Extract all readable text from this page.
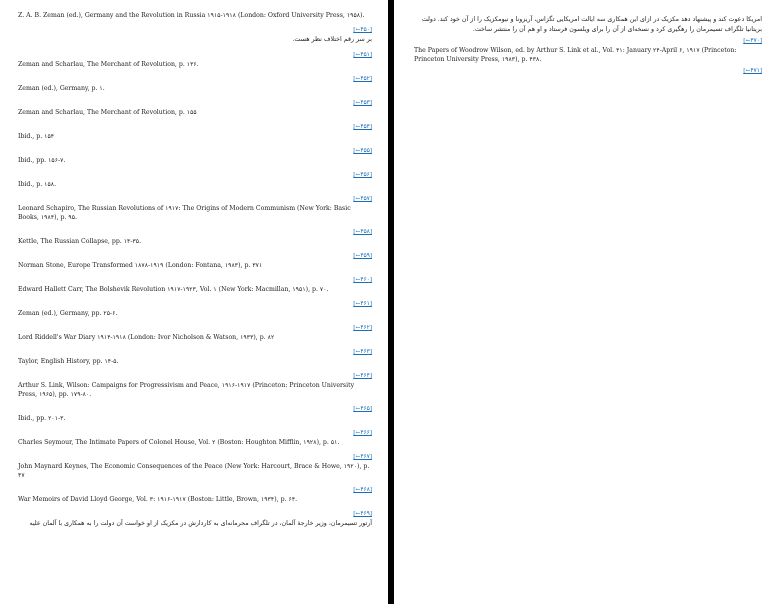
Z. A. B. Zeman (ed.), Germany and the Revolution in Russia ۱۹۱۵-۱۹۱۸ (London: Oxford University Press, ۱۹۵۸).
[←۴۵۰]
بر سر رقم اختلاف نظر هست.
[←۴۵۱]
Zeman and Scharlau, The Merchant of Revolution, p. ۱۳۶.
[←۴۵۲]
Zeman (ed.), Germany, p. ۱.
[←۴۵۳]
Zeman and Scharlau, The Merchant of Revolution, p. ۱۵۵
[←۴۵۴]
Ibid., p. ۱۵۴
[←۴۵۵]
Ibid., pp. ۱۵۶-۷.
[←۴۵۶]
Ibid., p. ۱۵۸.
[←۴۵۷]
Leonard Schapiro, The Russian Revolutions of ۱۹۱۷: The Origins of Modern Communism (New York: Basic Books, ۱۹۸۴), p. ۹۵.
[←۴۵۸]
Kettle, The Russian Collapse, pp. ۱۳-۳۵.
[←۴۵۹]
Norman Stone, Europe Transformed ۱۸۷۸-۱۹۱۹ (London: Fontana, ۱۹۸۳), p. ۳۷۱
[←۴۶۰]
Edward Hallett Carr, The Bolshevik Revolution ۱۹۱۷-۱۹۲۳, Vol. ۱ (New York: Macmillan, ۱۹۵۱), p. ۷۰.
[←۴۶۱]
Zeman (ed.), Germany, pp. ۲۵-۶.
[←۴۶۲]
Lord Riddell's War Diary ۱۹۱۴-۱۹۱۸ (London: Ivor Nicholson & Watson, ۱۹۳۳), p. ۸۲
[←۴۶۳]
Taylor, English History, pp. ۱۴-۵.
[←۴۶۴]
Arthur S. Link, Wilson: Campaigns for Progressivism and Peace, ۱۹۱۶-۱۹۱۷ (Princeton: Princeton University Press, ۱۹۶۵), pp. ۱۷۹-۸۰.
[←۴۶۵]
Ibid., pp. ۲۰۱-۳.
[←۴۶۶]
Charles Seymour, The Intimate Papers of Colonel House, Vol. ۲ (Boston: Houghton Mifflin, ۱۹۲۸), p. ۵۱.
[←۴۶۷]
John Maynard Keynes, The Economic Consequences of the Peace (New York: Harcourt, Brace & Howe, ۱۹۲۰), p. ۴۷
[←۴۶۸]
War Memoirs of David Lloyd George, Vol. ۳: ۱۹۱۶-۱۹۱۷ (Boston: Little, Brown, ۱۹۳۴), p. ۶۴.
[←۴۶۹]
آرتور تسیمرمان، وزیر خارجهٔ آلمان، در تلگراف محرمانه‌ای به کاردارش در مکزیک از او خواست آن دولت را به همکاری با آلمان علیه
امریکا دعوت کند و پیشنهاد دهد مکزیک در ازای این همکاری سه ایالت امریکایی تگزاس، آریزونا و نیومکزیک را از آن خود کند. دولت بریتانیا تلگراف تسیمرمان را رهگیری کرد و نسخه‌ای از آن را برای ویلسون فرستاد و او هم آن را منتشر ساخت.
[←۴۷۰]
The Papers of Woodrow Wilson, ed. by Arthur S. Link et al., Vol. ۴۱: January ۲۴-April ۶, ۱۹۱۷ (Princeton: Princeton University Press, ۱۹۸۳), p. ۴۳۸.
[←۴۷۱]
